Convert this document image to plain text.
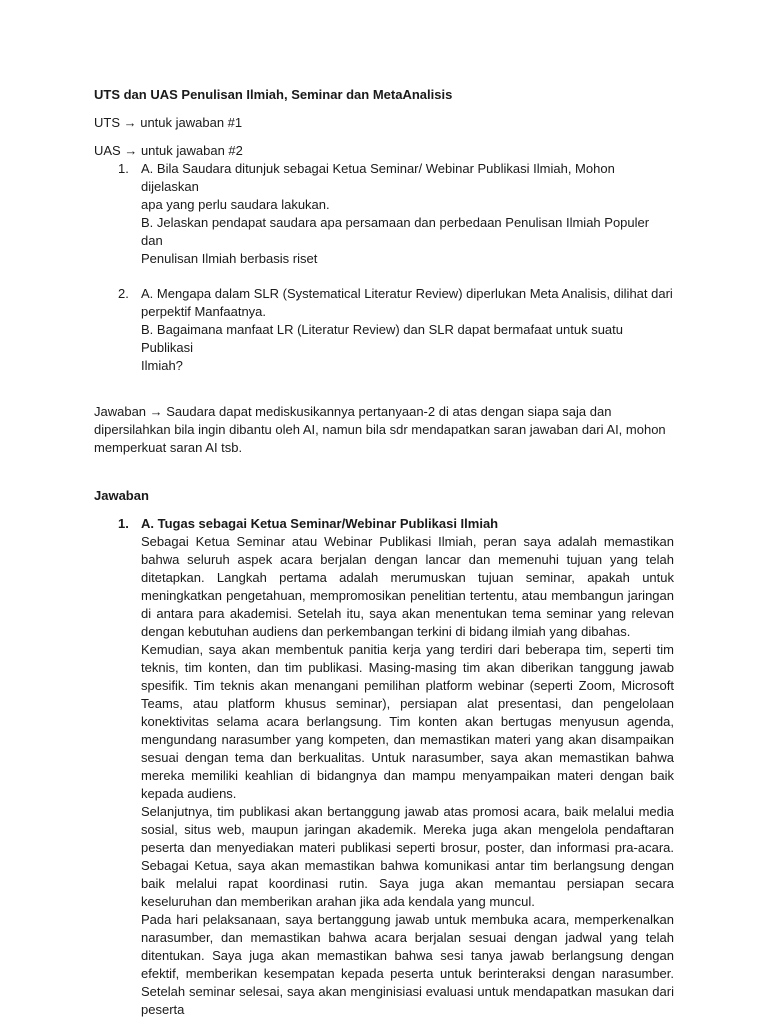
UTS dan UAS Penulisan Ilmiah, Seminar dan MetaAnalisis

UTS → untuk jawaban #1

UAS → untuk jawaban #2

1. A. Bila Saudara ditunjuk sebagai Ketua Seminar/ Webinar Publikasi Ilmiah, Mohon dijelaskan

apa yang perlu saudara lakukan.

B. Jelaskan pendapat saudara apa persamaan dan perbedaan Penulisan Ilmiah Populer dan

Penulisan Ilmiah berbasis riset

2. A. Mengapa dalam SLR (Systematical Literatur Review) diperlukan Meta Analisis, dilihat dari

perpektif Manfaatnya.

B. Bagaimana manfaat LR (Literatur Review) dan SLR dapat bermafaat untuk suatu Publikasi

Ilmiah?

Jawaban → Saudara dapat mediskusikannya pertanyaan-2 di atas dengan siapa saja dan

dipersilahkan bila ingin dibantu oleh AI, namun bila sdr mendapatkan saran jawaban dari AI, mohon

memperkuat saran AI tsb.

Jawaban
1. A. Tugas sebagai Ketua Seminar/Webinar Publikasi Ilmiah

Sebagai Ketua Seminar atau Webinar Publikasi Ilmiah, peran saya adalah memastikan bahwa seluruh aspek acara berjalan dengan lancar dan memenuhi tujuan yang telah ditetapkan. Langkah pertama adalah merumuskan tujuan seminar, apakah untuk meningkatkan pengetahuan, mempromosikan penelitian tertentu, atau membangun jaringan di antara para akademisi. Setelah itu, saya akan menentukan tema seminar yang relevan dengan kebutuhan audiens dan perkembangan terkini di bidang ilmiah yang dibahas.

Kemudian, saya akan membentuk panitia kerja yang terdiri dari beberapa tim, seperti tim teknis, tim konten, dan tim publikasi. Masing-masing tim akan diberikan tanggung jawab spesifik. Tim teknis akan menangani pemilihan platform webinar (seperti Zoom, Microsoft Teams, atau platform khusus seminar), persiapan alat presentasi, dan pengelolaan konektivitas selama acara berlangsung. Tim konten akan bertugas menyusun agenda, mengundang narasumber yang kompeten, dan memastikan materi yang akan disampaikan sesuai dengan tema dan berkualitas. Untuk narasumber, saya akan memastikan bahwa mereka memiliki keahlian di bidangnya dan mampu menyampaikan materi dengan baik kepada audiens.

Selanjutnya, tim publikasi akan bertanggung jawab atas promosi acara, baik melalui media sosial, situs web, maupun jaringan akademik. Mereka juga akan mengelola pendaftaran peserta dan menyediakan materi publikasi seperti brosur, poster, dan informasi pra-acara. Sebagai Ketua, saya akan memastikan bahwa komunikasi antar tim berlangsung dengan baik melalui rapat koordinasi rutin. Saya juga akan memantau persiapan secara keseluruhan dan memberikan arahan jika ada kendala yang muncul.

Pada hari pelaksanaan, saya bertanggung jawab untuk membuka acara, memperkenalkan narasumber, dan memastikan bahwa acara berjalan sesuai dengan jadwal yang telah ditentukan. Saya juga akan memastikan bahwa sesi tanya jawab berlangsung dengan efektif, memberikan kesempatan kepada peserta untuk berinteraksi dengan narasumber. Setelah seminar selesai, saya akan menginisiasi evaluasi untuk mendapatkan masukan dari peserta
